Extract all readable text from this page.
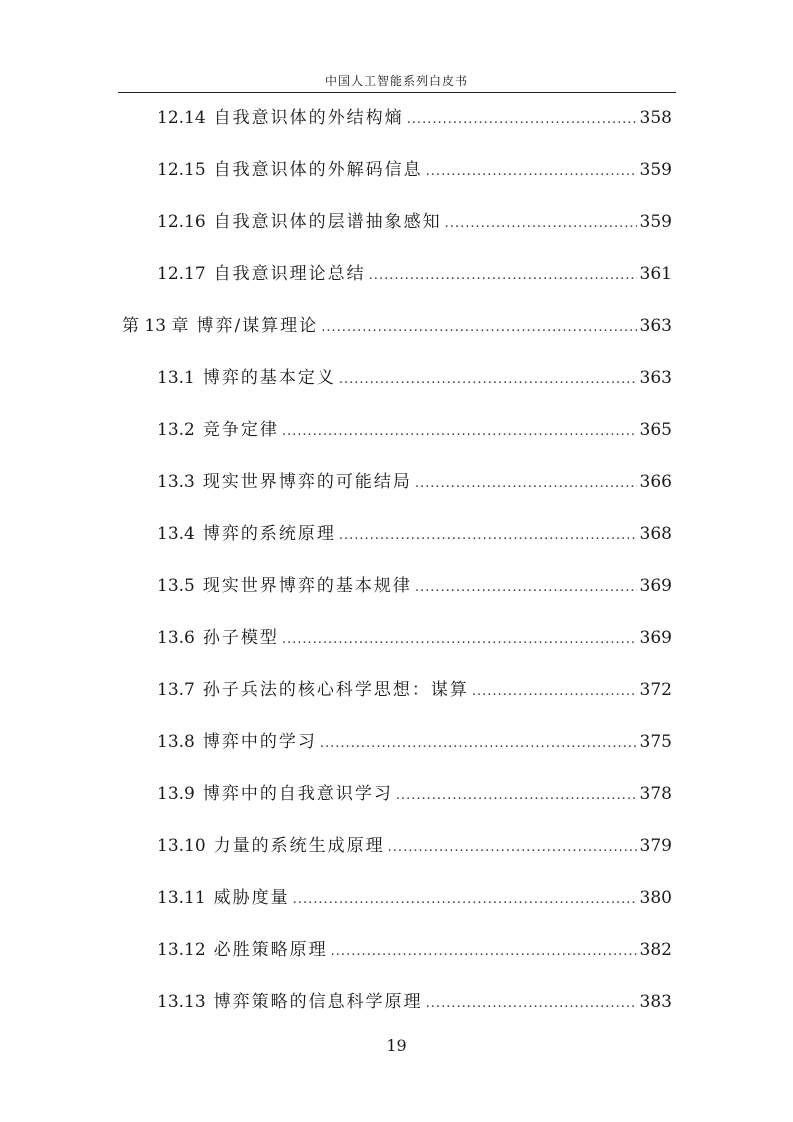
中国人工智能系列白皮书
12.14 自我意识体的外结构熵 .....	358
12.15 自我意识体的外解码信息 .....	359
12.16 自我意识体的层谱抽象感知 .....	359
12.17 自我意识理论总结 .....	361
第 13 章 博弈/谋算理论 .....	363
13.1 博弈的基本定义 .....	363
13.2 竞争定律 .....	365
13.3 现实世界博弈的可能结局 .....	366
13.4 博弈的系统原理 .....	368
13.5 现实世界博弈的基本规律 .....	369
13.6 孙子模型 .....	369
13.7 孙子兵法的核心科学思想：谋算 .....	372
13.8 博弈中的学习 .....	375
13.9 博弈中的自我意识学习 .....	378
13.10 力量的系统生成原理 .....	379
13.11 威胁度量 .....	380
13.12 必胜策略原理 .....	382
13.13 博弈策略的信息科学原理 .....	383
19
